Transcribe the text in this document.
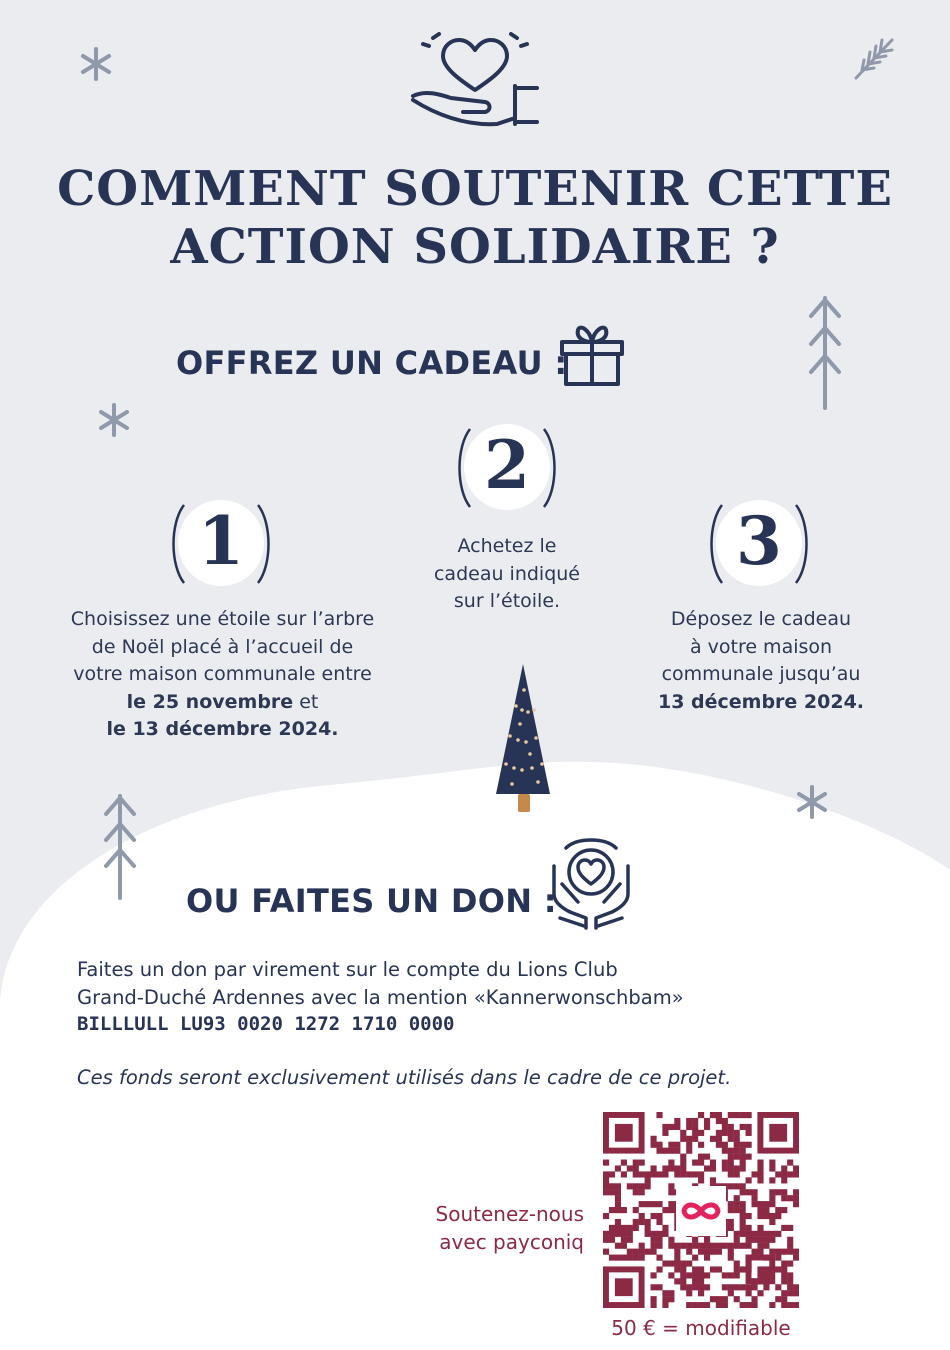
COMMENT SOUTENIR CETTE
ACTION SOLIDAIRE ?
OFFREZ UN CADEAU :
1
Choisissez une étoile sur l’arbre
de Noël placé à l’accueil de
votre maison communale entre
le 25 novembre et
le 13 décembre 2024.
2
Achetez le
cadeau indiqué
sur l’étoile.
3
Déposez le cadeau
à votre maison
communale jusqu’au
13 décembre 2024.
OU FAITES UN DON :
Faites un don par virement sur le compte du Lions Club
Grand-Duché Ardennes avec la mention «Kannerwonschbam»
BILLLULL LU93 0020 1272 1710 0000
Ces fonds seront exclusivement utilisés dans le cadre de ce projet.
Soutenez-nous
avec payconiq
50 € = modifiable
